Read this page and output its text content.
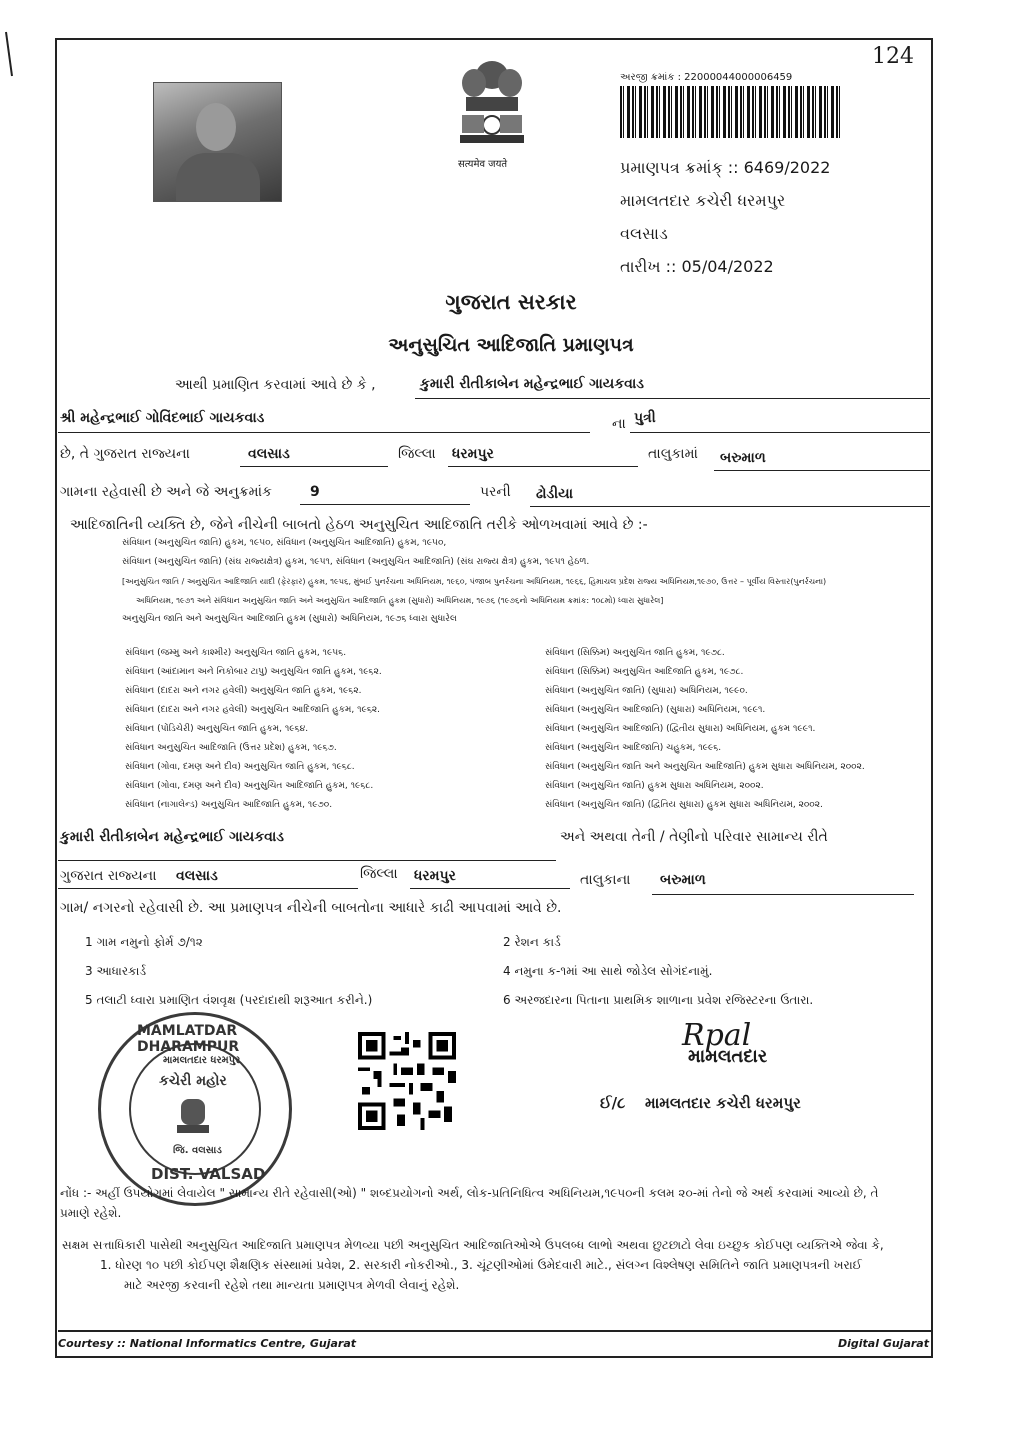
124
सत्यमेव जयते
અરજી ક્રમાંક : 22000044000006459
પ્રમાણપત્ર ક્રમાંક્ :: 6469/2022
મામલતદાર કચેરી ધરમપુર
વલસાડ
તારીખ :: 05/04/2022
ગુજરાત સરકાર
અનુસુચિત આદિજાતિ પ્રમાણપત્ર
આથી પ્રમાણિત કરવામાં આવે છે કે ,	કુમારી રીતીકાબેન મહેન્દ્રભાઈ ગાયકવાડ
શ્રી મહેન્દ્રભાઈ ગોવિંદભાઈ ગાયકવાડ	ના પુત્રી
છે, તે ગુજરાત રાજ્યના	વલસાડ	જિલ્લા ધરમપુર	તાલુકામાં બરુમાળ
ગામના રહેવાસી છે અને જે અનુક્રમાંક	9	પરની ઢોડીયા
આદિજાતિની વ્યક્તિ છે, જેને નીચેની બાબતો હેઠળ અનુસુચિત આદિજાતિ તરીકે ઓળખવામાં આવે છે :-
સંવિધાન (અનુસુચિત જાતિ) હુકમ, ૧૯૫૦, સંવિધાન (અનુસુચિત આદિજાતિ) હુકમ, ૧૯૫૦,
સંવિધાન (અનુસુચિત જાતિ) (સંઘ રાજ્યક્ષેત્ર) હુકમ, ૧૯૫૧, સંવિધાન (અનુસુચિત આદિજાતિ) (સંઘ રાજ્ય ક્ષેત્ર) હુકમ, ૧૯૫૧ હેઠળ.
[અનુસુચિત જાતિ / અનુસુચિત આદિજાતિ યાદી (ફેરફાર) હુકમ, ૧૯૫૬, મુંબઈ પુનર્રચના અધિનિયમ, ૧૯૬૦, પંજાબ પુનર્રચના અધિનિયમ, ૧૯૬૬, હિમાચલ પ્રદેશ રાજ્ય અધિનિયમ,૧૯૭૦, ઉત્તર – પૂર્વીય વિસ્તાર(પુનર્રચના)
અધિનિયમ, ૧૯૭૧ અને સંવિધાન અનુસુચિત જાતિ અને અનુસુચિત આદિજાતિ હુકમ (સુધારો) અધિનિયમ, ૧૯૭૬ (૧૯૭૬નો અધિનિયમ ક્રમાંક: ૧૦૮મો) ધ્વારા સુધારેલ]
અનુસુચિત જાતિ અને અનુસુચિત આદિજાતિ હુકમ (સુધારો) અધિનિયમ, ૧૯૭૬ ધ્વારા સુધારેલ
સંવિધાન (જમ્મુ અને કાશ્મીર) અનુસુચિત જાતિ હુકમ, ૧૯૫૬.
સંવિધાન (આંદામાન અને નિકોબાર ટાપુ) અનુસુચિત જાતિ હુકમ, ૧૯૬૨.
સંવિધાન (દાદરા અને નગર હવેલી) અનુસુચિત જાતિ હુકમ, ૧૯૬૨.
સંવિધાન (દાદરા અને નગર હવેલી) અનુસુચિત આદિજાતિ હુકમ, ૧૯૬૨.
સંવિધાન (પોંડિચેરી) અનુસુચિત જાતિ હુકમ, ૧૯૬૪.
સંવિધાન અનુસુચિત આદિજાતિ (ઉત્તર પ્રદેશ) હુકમ, ૧૯૬૭.
સંવિધાન (ગોવા, દમણ અને દીવ) અનુસુચિત જાતિ હુકમ, ૧૯૬૮.
સંવિધાન (ગોવા, દમણ અને દીવ) અનુસુચિત આદિજાતિ હુકમ, ૧૯૬૮.
સંવિધાન (નાગાલેન્ડ) અનુસુચિત આદિજાતિ હુકમ, ૧૯૭૦.
સંવિધાન (સિક્કિમ) અનુસુચિત જાતિ હુકમ, ૧૯૭૮.
સંવિધાન (સિક્કિમ) અનુસુચિત આદિજાતિ હુકમ, ૧૯૭૮.
સંવિધાન (અનુસુચિત જાતિ) (સુધારા) અધિનિયમ, ૧૯૯૦.
સંવિધાન (અનુસુચિત આદિજાતિ) (સુધારા) અધિનિયમ, ૧૯૯૧.
સંવિધાન (અનુસુચિત આદિજાતિ) (દ્વિતીય સુધારા) અધિનિયમ, હુકમ ૧૯૯૧.
સંવિધાન (અનુસુચિત આદિજાતિ) ચહુકમ, ૧૯૯૬.
સંવિધાન (અનુસુચિત જાતિ અને અનુસુચિત આદિજાતિ) હુકમ સુધારા અધિનિયમ, ૨૦૦૨.
સંવિધાન (અનુસુચિત જાતિ) હુકમ સુધારા અધિનિયમ, ૨૦૦૨.
સંવિધાન (અનુસુચિત જાતિ) (દ્વિતિય સુધારા) હુકમ સુધારા અધિનિયમ, ૨૦૦૨.
કુમારી રીતીકાબેન મહેન્દ્રભાઈ ગાયકવાડ	અને અથવા તેની / તેણીનો પરિવાર સામાન્ય રીતે
ગુજરાત રાજ્યના વલસાડ	જિલ્લા ધરમપુર	તાલુકાના બરુમાળ
ગામ/ નગરનો રહેવાસી છે. આ પ્રમાણપત્ર નીચેની બાબતોના આધારે કાઢી આપવામાં આવે છે.
1 ગામ નમુનો ફોર્મ ૭/૧૨	2 રેશન કાર્ડ
3 આધારકાર્ડ	4 નમુના ક-૧માં આ સાથે જોડેલ સોગંદનામું.
5 તલાટી ધ્વારા પ્રમાણિત વંશવૃક્ષ (પરદાદાથી શરૂઆત કરીને.)	6 અરજદારના પિતાના પ્રાથમિક શાળાના પ્રવેશ રજિસ્ટરના ઉતારા.
MAMLATDAR DHARAMPUR
મામલતદાર ધરમપુર
કચેરી મહોર
જિ. વલસાડ
DIST. VALSAD
Rpal
મામલતદાર
ઈ/૮ મામલતદાર કચેરી ધરમપુર
નોંધ :- અહીં ઉપયોગમાં લેવાયેલ " સામાન્ય રીતે રહેવાસી(ઓ) " શબ્દપ્રયોગનો અર્થ, લોક-પ્રતિનિધિત્વ અધિનિયમ,૧૯૫૦ની કલમ ૨૦-માં તેનો જે અર્થ કરવામાં આવ્યો છે, તે
પ્રમાણે રહેશે.
સક્ષમ સત્તાધિકારી પાસેથી અનુસુચિત આદિજાતિ પ્રમાણપત્ર મેળવ્યા પછી અનુસુચિત આદિજાતિઓએ ઉપલબ્ધ લાભો અથવા છુટછાટો લેવા ઇચ્છુક કોઈપણ વ્યક્તિએ જેવા કે,
1. ધોરણ ૧૦ પછી કોઈપણ શૈક્ષણિક સંસ્થામાં પ્રવેશ, 2. સરકારી નોકરીઓ., 3. ચૂંટણીઓમાં ઉમેદવારી માટે., સંલગ્ન વિશ્લેષણ સમિતિને જાતિ પ્રમાણપત્રની ખરાઈ
માટે અરજી કરવાની રહેશે તથા માન્યતા પ્રમાણપત્ર મેળવી લેવાનું રહેશે.
Courtesy :: National Informatics Centre, Gujarat	Digital Gujarat
